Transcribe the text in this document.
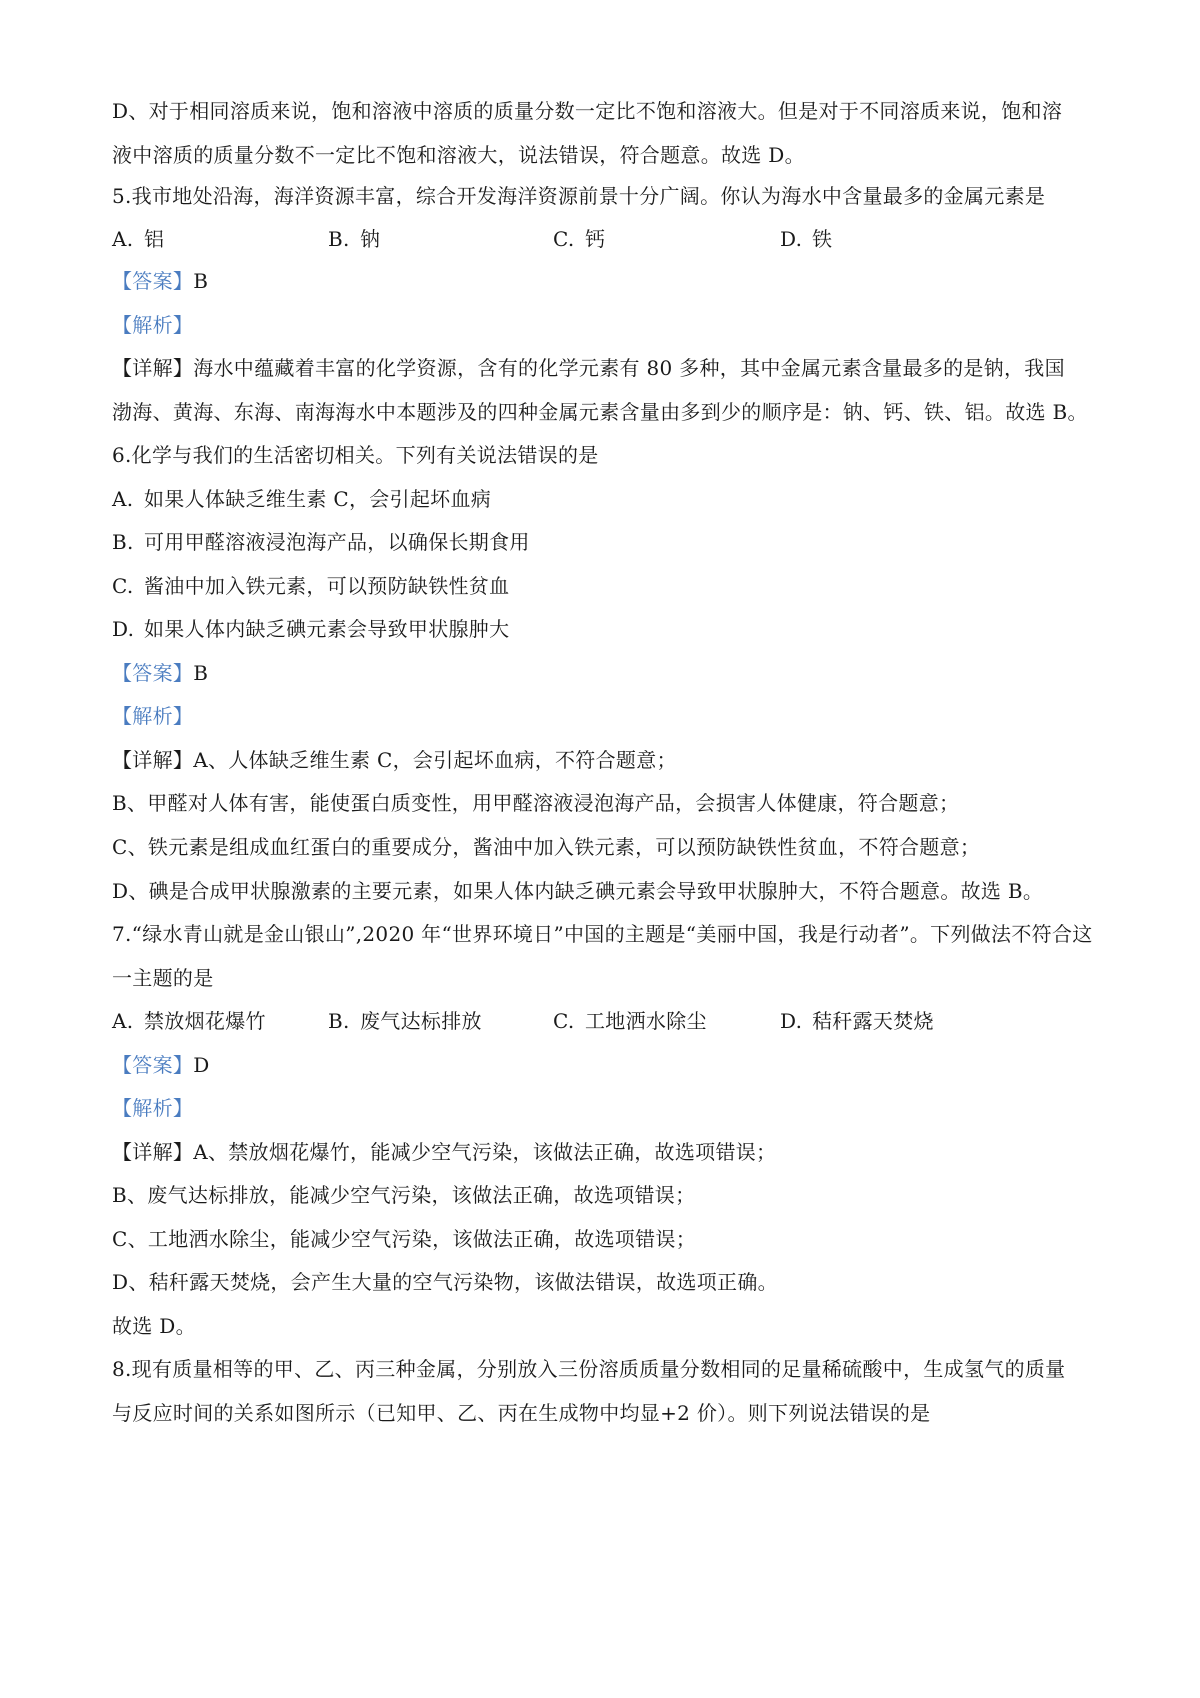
D、对于相同溶质来说，饱和溶液中溶质的质量分数一定比不饱和溶液大。但是对于不同溶质来说，饱和溶
液中溶质的质量分数不一定比不饱和溶液大，说法错误，符合题意。故选 D。
5.我市地处沿海，海洋资源丰富，综合开发海洋资源前景十分广阔。你认为海水中含量最多的金属元素是
A. 铝	B. 钠	C. 钙	D. 铁
【答案】B
【解析】
【详解】海水中蕴藏着丰富的化学资源，含有的化学元素有 80 多种，其中金属元素含量最多的是钠，我国
渤海、黄海、东海、南海海水中本题涉及的四种金属元素含量由多到少的顺序是：钠、钙、铁、铝。故选 B。
6.化学与我们的生活密切相关。下列有关说法错误的是
A. 如果人体缺乏维生素 C，会引起坏血病
B. 可用甲醛溶液浸泡海产品，以确保长期食用
C. 酱油中加入铁元素，可以预防缺铁性贫血
D. 如果人体内缺乏碘元素会导致甲状腺肿大
【答案】B
【解析】
【详解】A、人体缺乏维生素 C，会引起坏血病，不符合题意；
B、甲醛对人体有害，能使蛋白质变性，用甲醛溶液浸泡海产品，会损害人体健康，符合题意；
C、铁元素是组成血红蛋白的重要成分，酱油中加入铁元素，可以预防缺铁性贫血，不符合题意；
D、碘是合成甲状腺激素的主要元素，如果人体内缺乏碘元素会导致甲状腺肿大，不符合题意。故选 B。
7.“绿水青山就是金山银山”,2020 年“世界环境日”中国的主题是“美丽中国，我是行动者”。下列做法不符合这
一主题的是
A. 禁放烟花爆竹	B. 废气达标排放	C. 工地洒水除尘	D. 秸秆露天焚烧
【答案】D
【解析】
【详解】A、禁放烟花爆竹，能减少空气污染，该做法正确，故选项错误；
B、废气达标排放，能减少空气污染，该做法正确，故选项错误；
C、工地洒水除尘，能减少空气污染，该做法正确，故选项错误；
D、秸秆露天焚烧，会产生大量的空气污染物，该做法错误，故选项正确。
故选 D。
8.现有质量相等的甲、乙、丙三种金属，分别放入三份溶质质量分数相同的足量稀硫酸中，生成氢气的质量
与反应时间的关系如图所示（已知甲、乙、丙在生成物中均显+2 价）。则下列说法错误的是
